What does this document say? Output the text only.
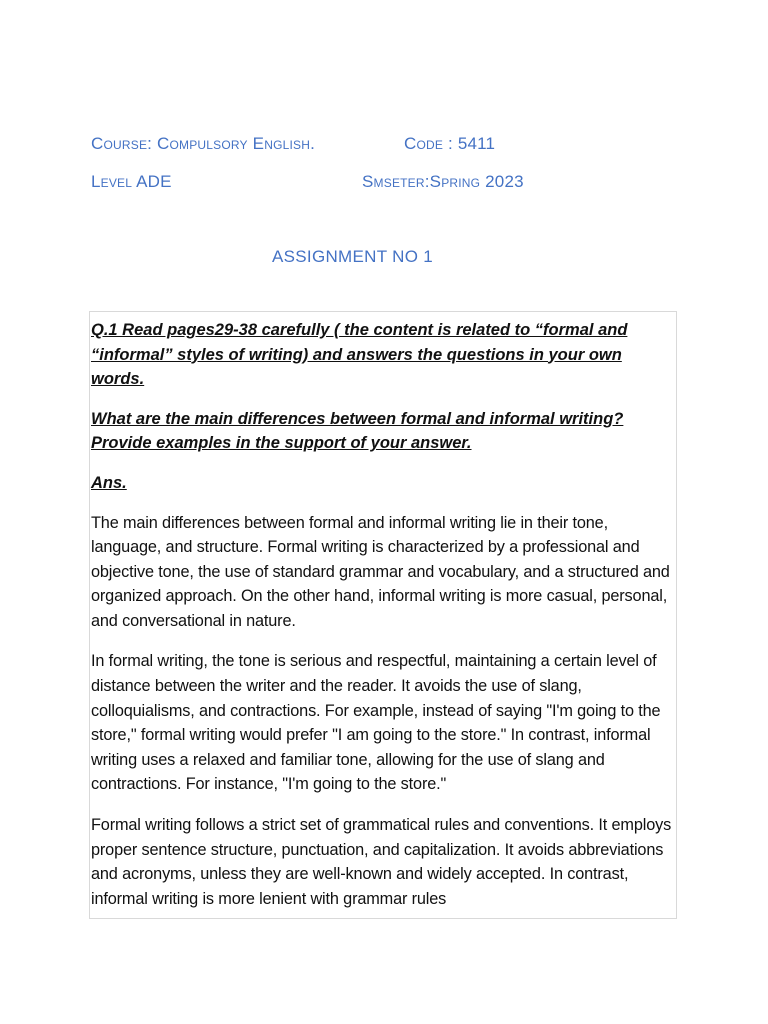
Course: Compulsory English.	Code : 5411
Level ADE	Smseter:Spring 2023
ASSIGNMENT NO 1

Q.1 Read pages29-38 carefully ( the content is related to “formal and “informal” styles of writing) and answers the questions in your own words.

What are the main differences between formal and informal writing? Provide examples in the support of your answer.

Ans.

The main differences between formal and informal writing lie in their tone, language, and structure. Formal writing is characterized by a professional and objective tone, the use of standard grammar and vocabulary, and a structured and organized approach. On the other hand, informal writing is more casual, personal, and conversational in nature.

In formal writing, the tone is serious and respectful, maintaining a certain level of distance between the writer and the reader. It avoids the use of slang, colloquialisms, and contractions. For example, instead of saying "I'm going to the store," formal writing would prefer "I am going to the store." In contrast, informal writing uses a relaxed and familiar tone, allowing for the use of slang and contractions. For instance, "I'm going to the store."

Formal writing follows a strict set of grammatical rules and conventions. It employs proper sentence structure, punctuation, and capitalization. It avoids abbreviations and acronyms, unless they are well-known and widely accepted. In contrast, informal writing is more lenient with grammar rules
